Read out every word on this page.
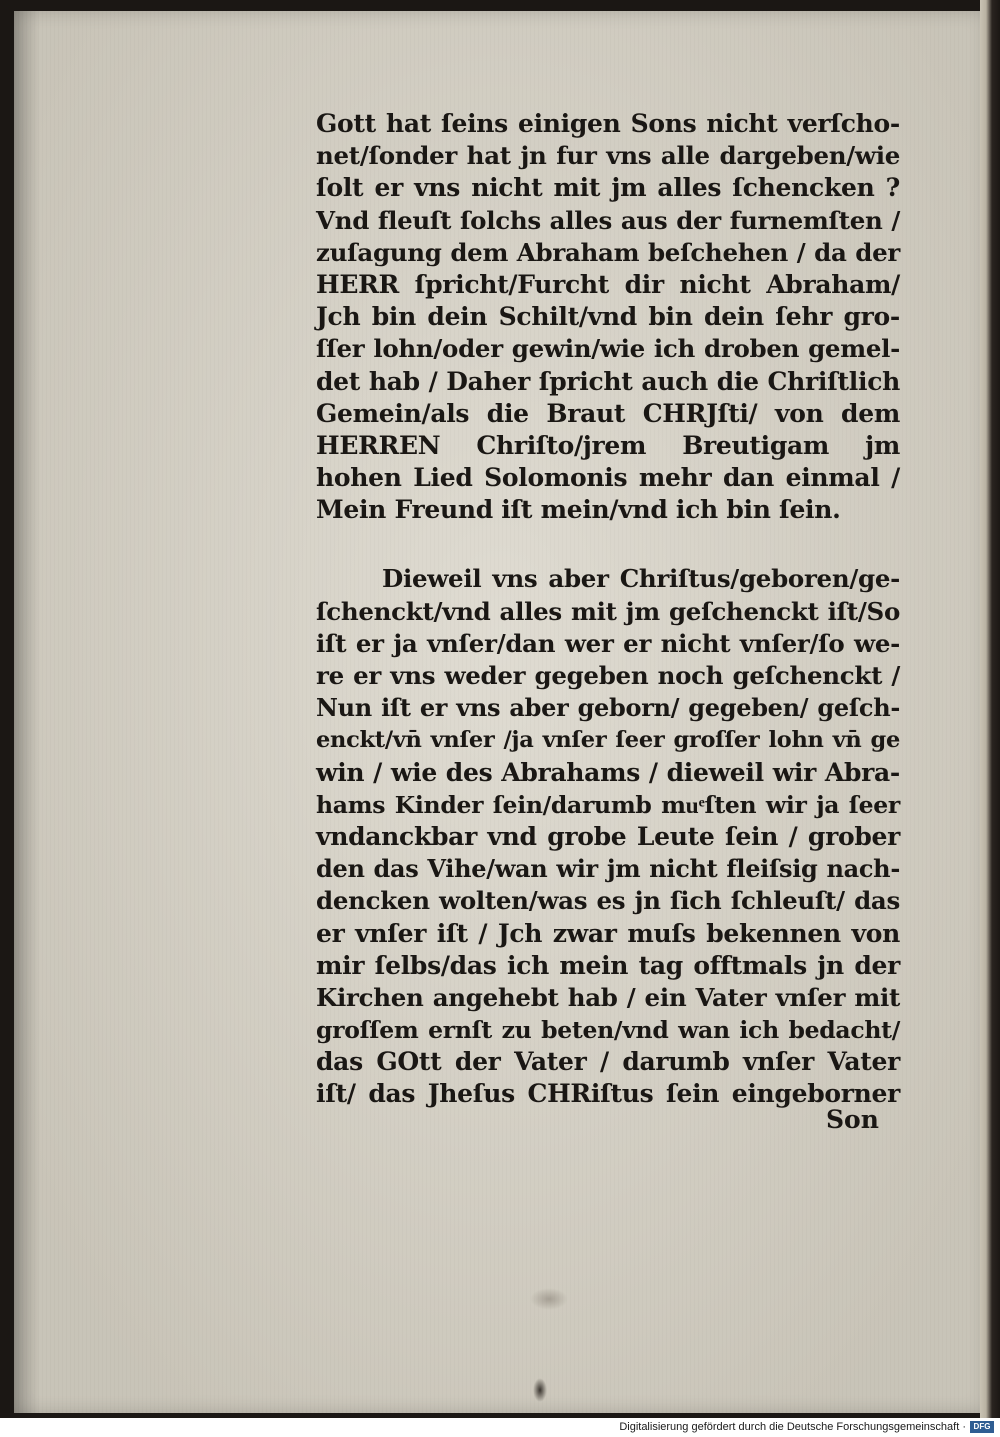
Gott hat ſeins einigen Sons nicht verſcho‑
net/ſonder hat jn fur vns alle dargeben/wie
ſolt er vns nicht mit jm alles ſchencken ?
Vnd fleuſt ſolchs alles aus der furnemſten /
zuſagung dem Abraham beſchehen / da der
HERR ſpricht/Furcht dir nicht Abraham/
Jch bin dein Schilt/vnd bin dein ſehr gro‑
ſſer lohn/oder gewin/wie ich droben gemel‑
det hab / Daher ſpricht auch die Chriſtlich
Gemein/als die Braut CHRJſti/ von dem
HERREN Chriſto/jrem Breutigam jm
hohen Lied Solomonis mehr dan einmal /
Mein Freund iſt mein/vnd ich bin ſein.
Dieweil vns aber Chriſtus/geboren/ge‑
ſchenckt/vnd alles mit jm geſchenckt iſt/So
iſt er ja vnſer/dan wer er nicht vnſer/ſo we‑
re er vns weder gegeben noch geſchenckt /
Nun iſt er vns aber geborn/ gegeben/ geſch‑
enckt/vn̄ vnſer /ja vnſer ſeer groſſer lohn vn̄ ge
win / wie des Abrahams / dieweil wir Abra‑
hams Kinder ſein/darumb muͤſten wir ja ſeer
vndanckbar vnd grobe Leute ſein / grober
den das Vihe/wan wir jm nicht fleiſsig nach‑
dencken wolten/was es jn ſich ſchleuſt/ das
er vnſer iſt / Jch zwar muſs bekennen von
mir ſelbs/das ich mein tag offtmals jn der
Kirchen angehebt hab / ein Vater vnſer mit
groſſem ernſt zu beten/vnd wan ich bedacht/
das GOtt der Vater / darumb vnſer Vater
iſt/ das Jheſus CHRiſtus ſein eingeborner
Son
Digitalisierung gefördert durch die Deutsche Forschungsgemeinschaft · DFG
